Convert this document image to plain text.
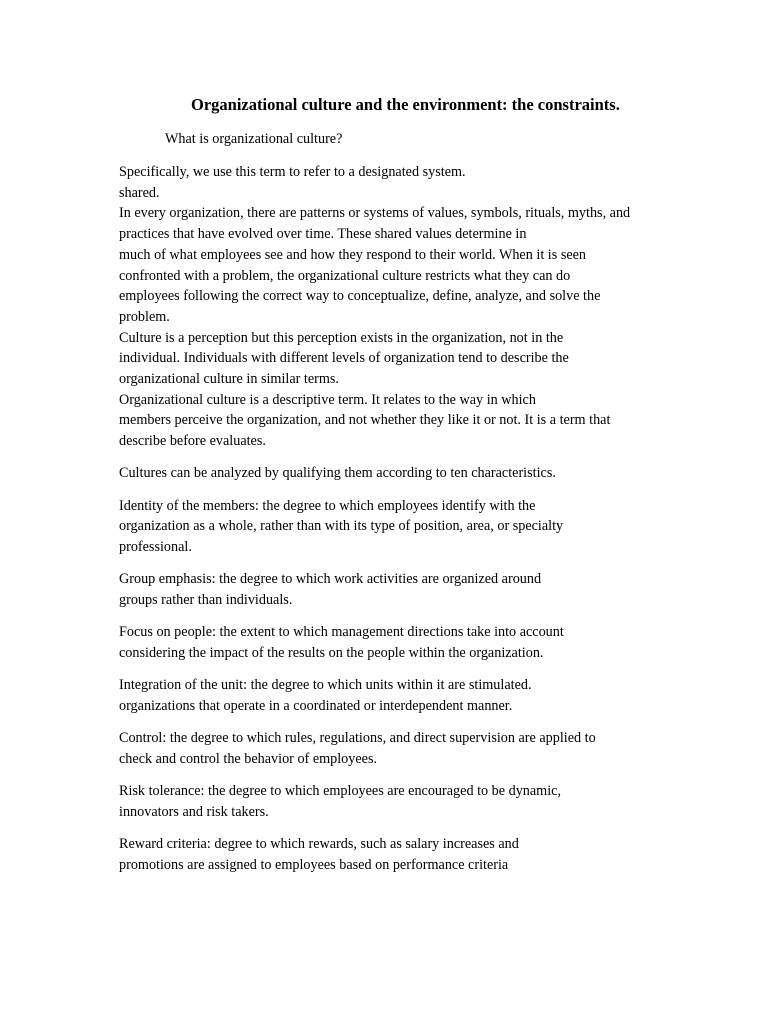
Organizational culture and the environment: the constraints.

What is organizational culture?

Specifically, we use this term to refer to a designated system.
shared.
In every organization, there are patterns or systems of values, symbols, rituals, myths, and
practices that have evolved over time. These shared values determine in
much of what employees see and how they respond to their world. When it is seen
confronted with a problem, the organizational culture restricts what they can do
employees following the correct way to conceptualize, define, analyze, and solve the
problem.
Culture is a perception but this perception exists in the organization, not in the
individual. Individuals with different levels of organization tend to describe the
organizational culture in similar terms.
Organizational culture is a descriptive term. It relates to the way in which
members perceive the organization, and not whether they like it or not. It is a term that
describe before evaluates.

Cultures can be analyzed by qualifying them according to ten characteristics.

Identity of the members: the degree to which employees identify with the
organization as a whole, rather than with its type of position, area, or specialty
professional.

Group emphasis: the degree to which work activities are organized around
groups rather than individuals.

Focus on people: the extent to which management directions take into account
considering the impact of the results on the people within the organization.

Integration of the unit: the degree to which units within it are stimulated.
organizations that operate in a coordinated or interdependent manner.

Control: the degree to which rules, regulations, and direct supervision are applied to
check and control the behavior of employees.

Risk tolerance: the degree to which employees are encouraged to be dynamic,
innovators and risk takers.

Reward criteria: degree to which rewards, such as salary increases and
promotions are assigned to employees based on performance criteria
